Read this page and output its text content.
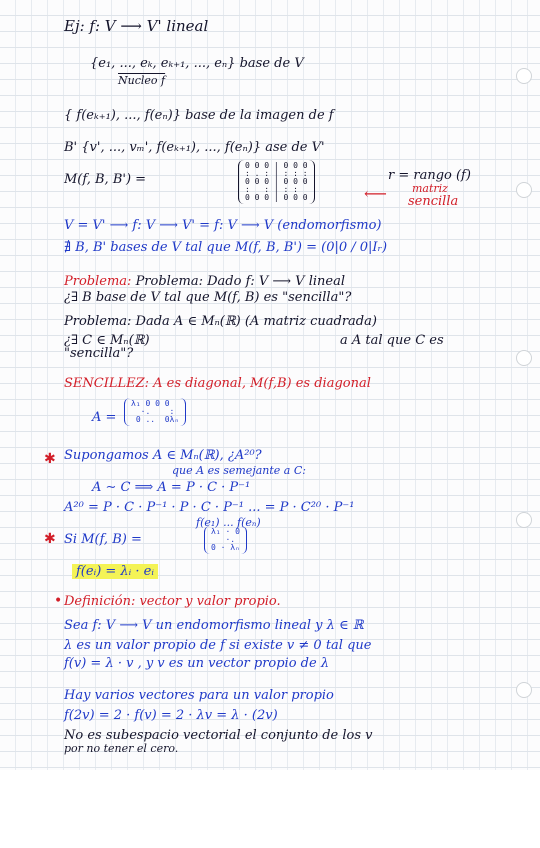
Ej: f: V ⟶ V' lineal
{e₁, ..., eₖ, eₖ₊₁, ..., eₙ} base de V
Nucleo f
{ f(eₖ₊₁), ..., f(eₙ)} base de la imagen de f
B' {v', ..., vₘ', f(eₖ₊₁), ..., f(eₙ)} ase de V'
M(f, B, B') =
0 0 0 | 0 0 0
: . : | : : :
0 0 0 | 0 0 0
:   : | : :
0 0 0 | 0 0 0
r = rango (f)
⟵ matriz
sencilla
V = V' ⟶ f: V ⟶ V' = f: V ⟶ V (endomorfismo)
∄ B, B' bases de V tal que M(f, B, B') = (0|0 / 0|Iᵣ)
Problema: Problema: Dado f: V ⟶ V lineal
¿∃ B base de V tal que M(f, B) es "sencilla"?
Problema: Dada A ∈ Mₙ(ℝ) (A matriz cuadrada)
¿∃ C ∈ Mₙ(ℝ)	a A tal que C es
"sencilla"?
SENCILLEZ: A es diagonal, M(f,B) es diagonal
A =
λ₁ 0 0 0
·.    :
0 ..  0λₙ
✱ Supongamos A ∈ Mₙ(ℝ), ¿A²⁰?
que A es semejante a C:
A ∼ C ⟹ A = P · C · P⁻¹
A²⁰ = P · C · P⁻¹ · P · C · P⁻¹ ... = P · C²⁰ · P⁻¹
✱
f(e₁) ... f(eₙ)
Si M(f, B) =
λ₁ · 0
·.
0 · λₙ
f(eᵢ) = λᵢ · eᵢ
• Definición: vector y valor propio.
Sea f: V ⟶ V un endomorfismo lineal y λ ∈ ℝ
λ es un valor propio de f si existe v ≠ 0 tal que
f(v) = λ · v , y v es un vector propio de λ
Hay varios vectores para un valor propio
f(2v) = 2 · f(v) = 2 · λv = λ · (2v)
No es subespacio vectorial el conjunto de los v
por no tener el cero.
